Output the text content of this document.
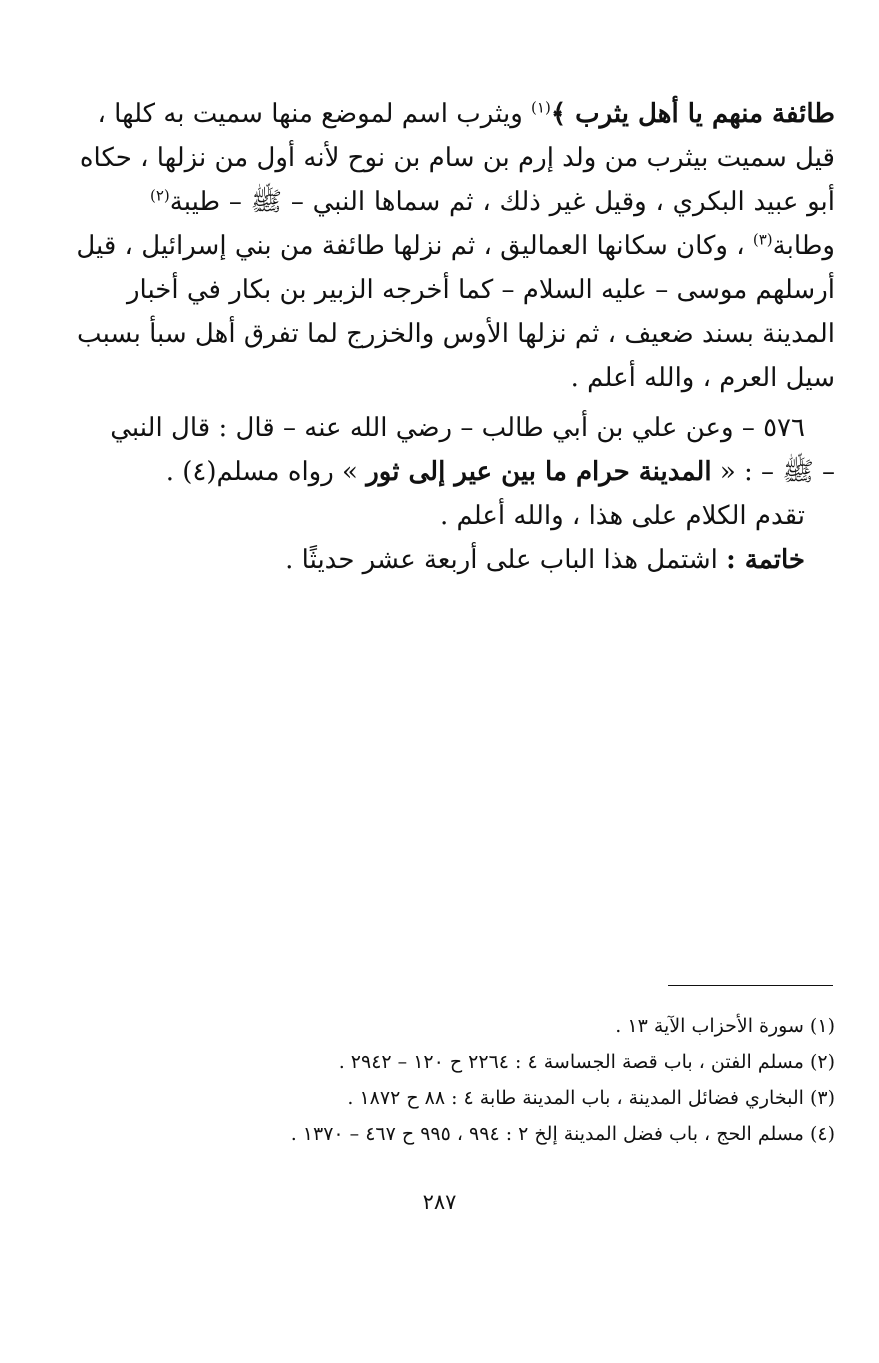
طائفة منهم يا أهل يثرب ﴾$^{(١)}$ ويثرب اسم لموضع منها سميت به كلها ،
قيل سميت بيثرب من ولد إرم بن سام بن نوح لأنه أول من نزلها ، حكاه
أبو عبيد البكري ، وقيل غير ذلك ، ثم سماها النبي – ﷺ – طيبة$^{(٢)}$
وطابة$^{(٣)}$ ، وكان سكانها العماليق ، ثم نزلها طائفة من بني إسرائيل ، قيل
أرسلهم موسى – عليه السلام – كما أخرجه الزبير بن بكار في أخبار
المدينة بسند ضعيف ، ثم نزلها الأوس والخزرج لما تفرق أهل سبأ بسبب
سيل العرم ، والله أعلم .
٥٧٦ – وعن علي بن أبي طالب – رضي الله عنه – قال : قال النبي
– ﷺ – : « المدينة حرام ما بين عير إلى ثور » رواه مسلم(٤) .
تقدم الكلام على هذا ، والله أعلم .
خاتمة : اشتمل هذا الباب على أربعة عشر حديثًا .
(١) سورة الأحزاب الآية ١٣ .
(٢) مسلم الفتن ، باب قصة الجساسة ٤ : ٢٢٦٤ ح ١٢٠ – ٢٩٤٢ .
(٣) البخاري فضائل المدينة ، باب المدينة طابة ٤ : ٨٨ ح ١٨٧٢ .
(٤) مسلم الحج ، باب فضل المدينة إلخ ٢ : ٩٩٤ ، ٩٩٥ ح ٤٦٧ – ١٣٧٠ .
٢٨٧
